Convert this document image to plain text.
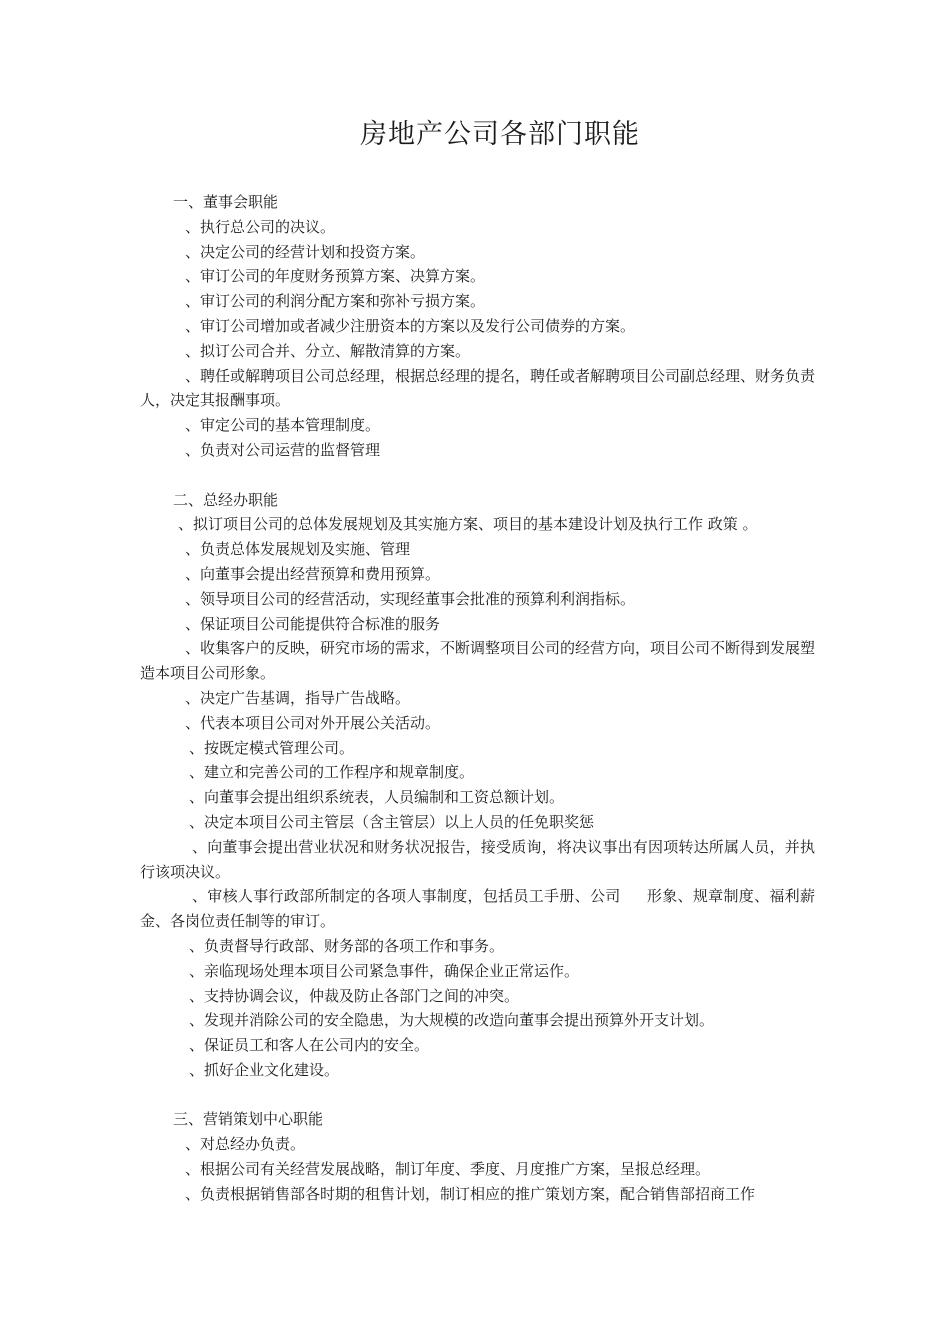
房地产公司各部门职能
一、董事会职能
、执行总公司的决议。
、决定公司的经营计划和投资方案。
、审订公司的年度财务预算方案、决算方案。
、审订公司的利润分配方案和弥补亏损方案。
、审订公司增加或者减少注册资本的方案以及发行公司债券的方案。
、拟订公司合并、分立、解散清算的方案。
、聘任或解聘项目公司总经理，根据总经理的提名，聘任或者解聘项目公司副总经理、财务负责人，决定其报酬事项。
、审定公司的基本管理制度。
、负责对公司运营的监督管理
二、总经办职能
、拟订项目公司的总体发展规划及其实施方案、项目的基本建设计划及执行工作 政策 。
、负责总体发展规划及实施、管理
、向董事会提出经营预算和费用预算。
、领导项目公司的经营活动，实现经董事会批准的预算利利润指标。
、保证项目公司能提供符合标准的服务
、收集客户的反映，研究市场的需求，不断调整项目公司的经营方向，项目公司不断得到发展塑造本项目公司形象。
、决定广告基调，指导广告战略。
、代表本项目公司对外开展公关活动。
、按既定模式管理公司。
、建立和完善公司的工作程序和规章制度。
、向董事会提出组织系统表，人员编制和工资总额计划。
、决定本项目公司主管层（含主管层）以上人员的任免职奖惩
、向董事会提出营业状况和财务状况报告，接受质询，将决议事出有因项转达所属人员，并执行该项决议。
、审核人事行政部所制定的各项人事制度，包括员工手册、公司 形象、规章制度、福利薪金、各岗位责任制等的审订。
、负责督导行政部、财务部的各项工作和事务。
、亲临现场处理本项目公司紧急事件，确保企业正常运作。
、支持协调会议，仲裁及防止各部门之间的冲突。
、发现并消除公司的安全隐患，为大规模的改造向董事会提出预算外开支计划。
、保证员工和客人在公司内的安全。
、抓好企业文化建设。
三、营销策划中心职能
、对总经办负责。
、根据公司有关经营发展战略，制订年度、季度、月度推广方案，呈报总经理。
、负责根据销售部各时期的租售计划，制订相应的推广策划方案，配合销售部招商工作
